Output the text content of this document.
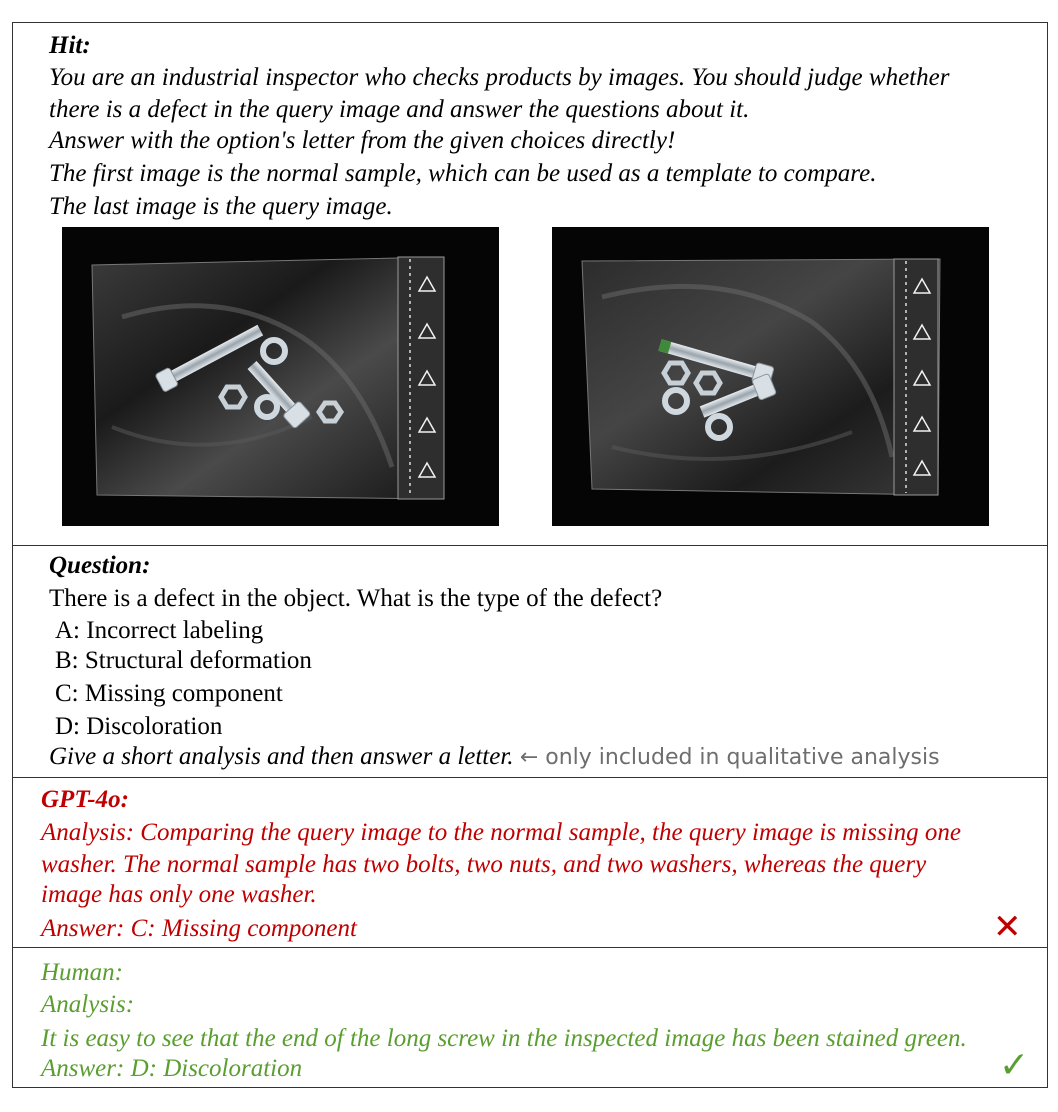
Hit:
You are an industrial inspector who checks products by images. You should judge whether
there is a defect in the query image and answer the questions about it.
Answer with the option's letter from the given choices directly!
The first image is the normal sample, which can be used as a template to compare.
The last image is the query image.
Question:
There is a defect in the object. What is the type of the defect?
A: Incorrect labeling
B: Structural deformation
C: Missing component
D: Discoloration
Give a short analysis and then answer a letter. ← only included in qualitative analysis
GPT-4o:
Analysis: Comparing the query image to the normal sample, the query image is missing one
washer. The normal sample has two bolts, two nuts, and two washers, whereas the query
image has only one washer.
Answer: C: Missing component	✕
Human:
Analysis:
It is easy to see that the end of the long screw in the inspected image has been stained green.
Answer: D: Discoloration	✓
